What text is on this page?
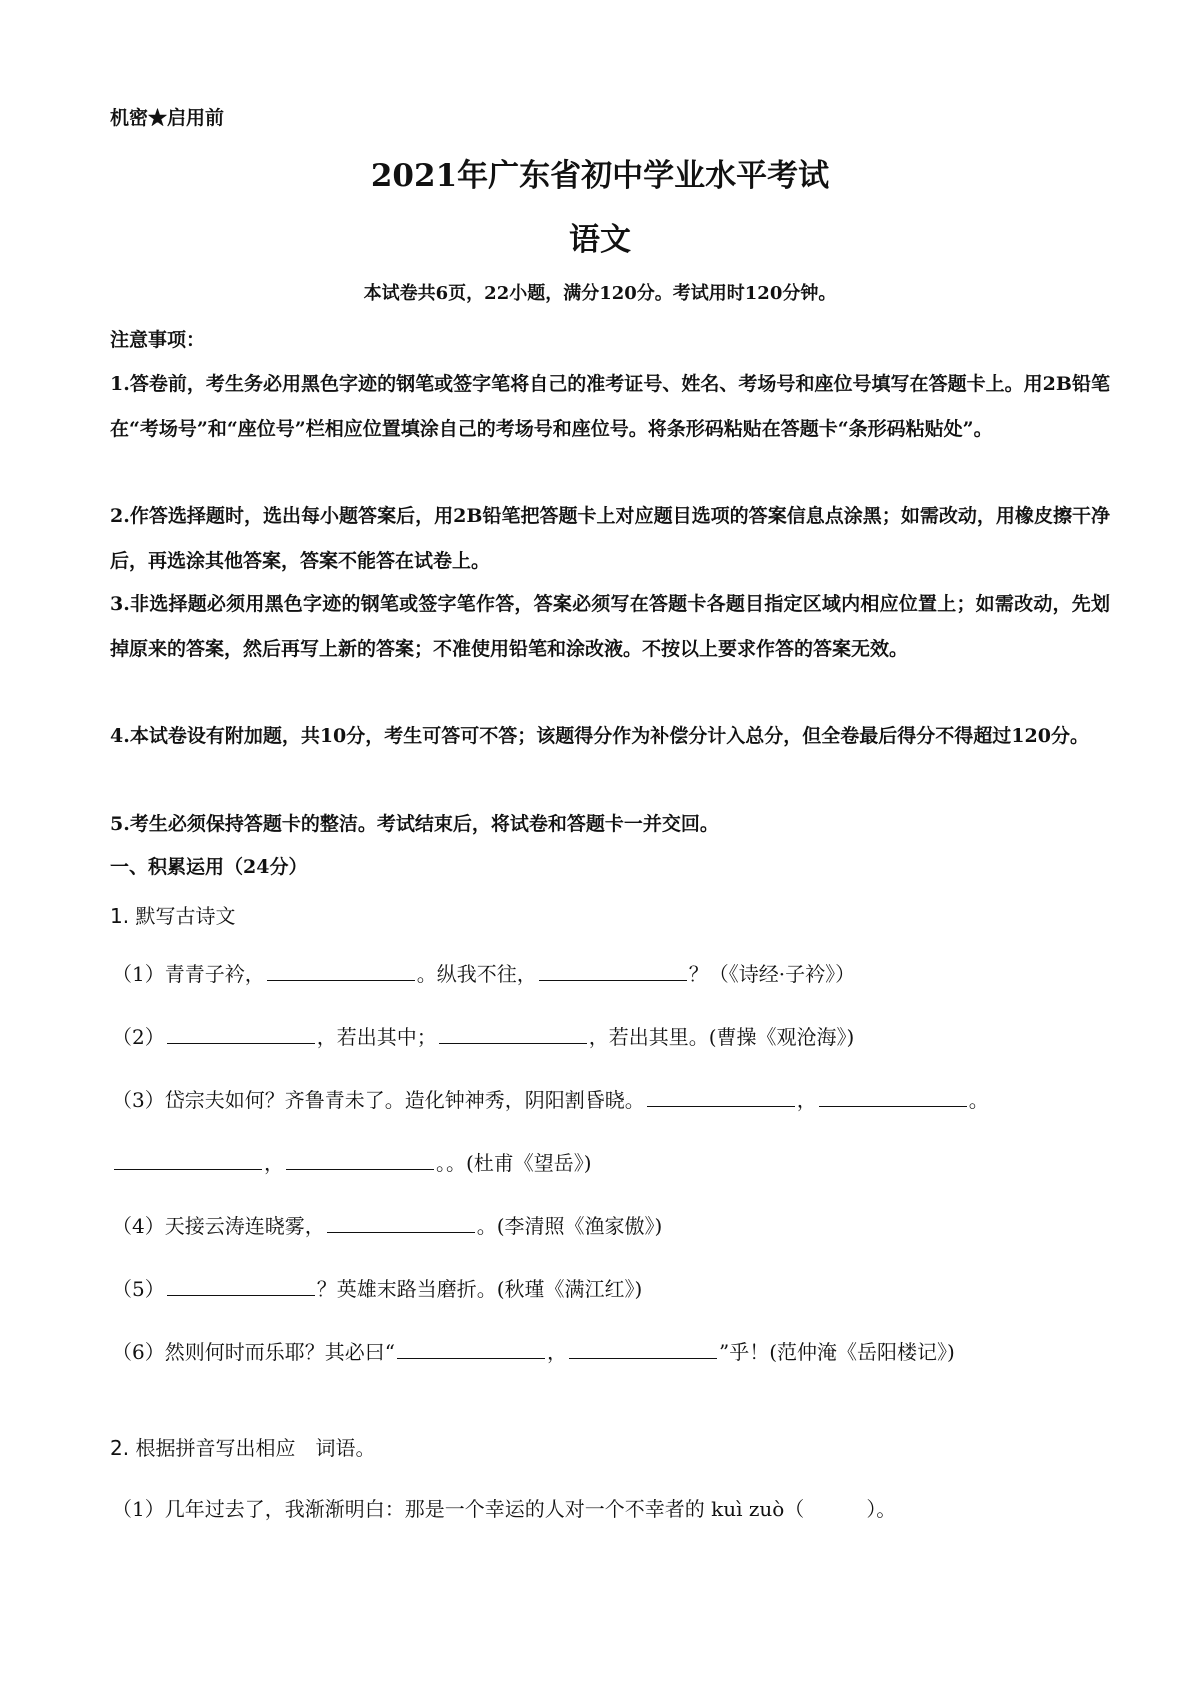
机密★启用前
2021年广东省初中学业水平考试
语文
本试卷共6页，22小题，满分120分。考试用时120分钟。
注意事项：

1.答卷前，考生务必用黑色字迹的钢笔或签字笔将自己的准考证号、姓名、考场号和座位号填写在答题卡上。用2B铅笔在“考场号”和“座位号”栏相应位置填涂自己的考场号和座位号。将条形码粘贴在答题卡“条形码粘贴处”。

2.作答选择题时，选出每小题答案后，用2B铅笔把答题卡上对应题目选项的答案信息点涂黑；如需改动，用橡皮擦干净后，再选涂其他答案，答案不能答在试卷上。

3.非选择题必须用黑色字迹的钢笔或签字笔作答，答案必须写在答题卡各题目指定区域内相应位置上；如需改动，先划掉原来的答案，然后再写上新的答案；不准使用铅笔和涂改液。不按以上要求作答的答案无效。

4.本试卷设有附加题，共10分，考生可答可不答；该题得分作为补偿分计入总分，但全卷最后得分不得超过120分。

5.考生必须保持答题卡的整洁。考试结束后，将试卷和答题卡一并交回。

一、积累运用（24分）
1. 默写古诗文
（1）青青子衿，	。纵我不往，	？（《诗经·子衿》）
（2）	，若出其中；	，若出其里。(曹操《观沧海》)
（3）岱宗夫如何？齐鲁青未了。造化钟神秀，阴阳割昏晓。	，	。
，	。。(杜甫《望岳》)
（4）天接云涛连晓雾，	。(李清照《渔家傲》)
（5）	？英雄末路当磨折。(秋瑾《满江红》)
（6）然则何时而乐耶？其必曰“	，	”乎！(范仲淹《岳阳楼记》)
2. 根据拼音写出相应　词语。
（1）几年过去了，我渐渐明白：那是一个幸运的人对一个不幸者的 kuì zuò（	）。
